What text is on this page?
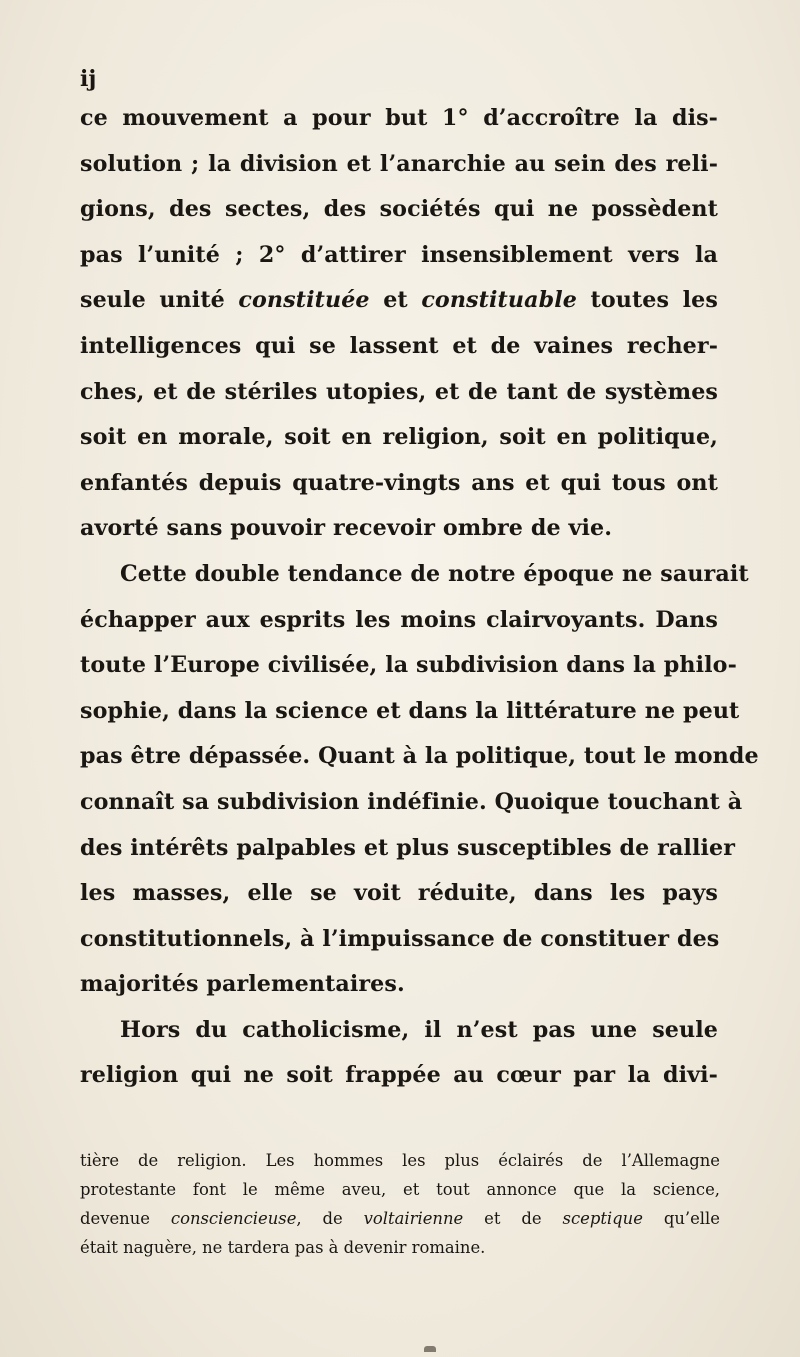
ij
ce mouvement a pour but 1° d’accroître la dis-
solution ; la division et l’anarchie au sein des reli-
gions, des sectes, des sociétés qui ne possèdent
pas l’unité ; 2° d’attirer insensiblement vers la
seule unité constituée et constituable toutes les
intelligences qui se lassent et de vaines recher-
ches, et de stériles utopies, et de tant de systèmes
soit en morale, soit en religion, soit en politique,
enfantés depuis quatre-vingts ans et qui tous ont
avorté sans pouvoir recevoir ombre de vie.
Cette double tendance de notre époque ne saurait
échapper aux esprits les moins clairvoyants. Dans
toute l’Europe civilisée, la subdivision dans la philo-
sophie, dans la science et dans la littérature ne peut
pas être dépassée. Quant à la politique, tout le monde
connaît sa subdivision indéfinie. Quoique touchant à
des intérêts palpables et plus susceptibles de rallier
les masses, elle se voit réduite, dans les pays
constitutionnels, à l’impuissance de constituer des
majorités parlementaires.
Hors du catholicisme, il n’est pas une seule
religion qui ne soit frappée au cœur par la divi-
tière de religion. Les hommes les plus éclairés de l’Allemagne
protestante font le même aveu, et tout annonce que la science,
devenue consciencieuse, de voltairienne et de sceptique qu’elle
était naguère, ne tardera pas à devenir romaine.
